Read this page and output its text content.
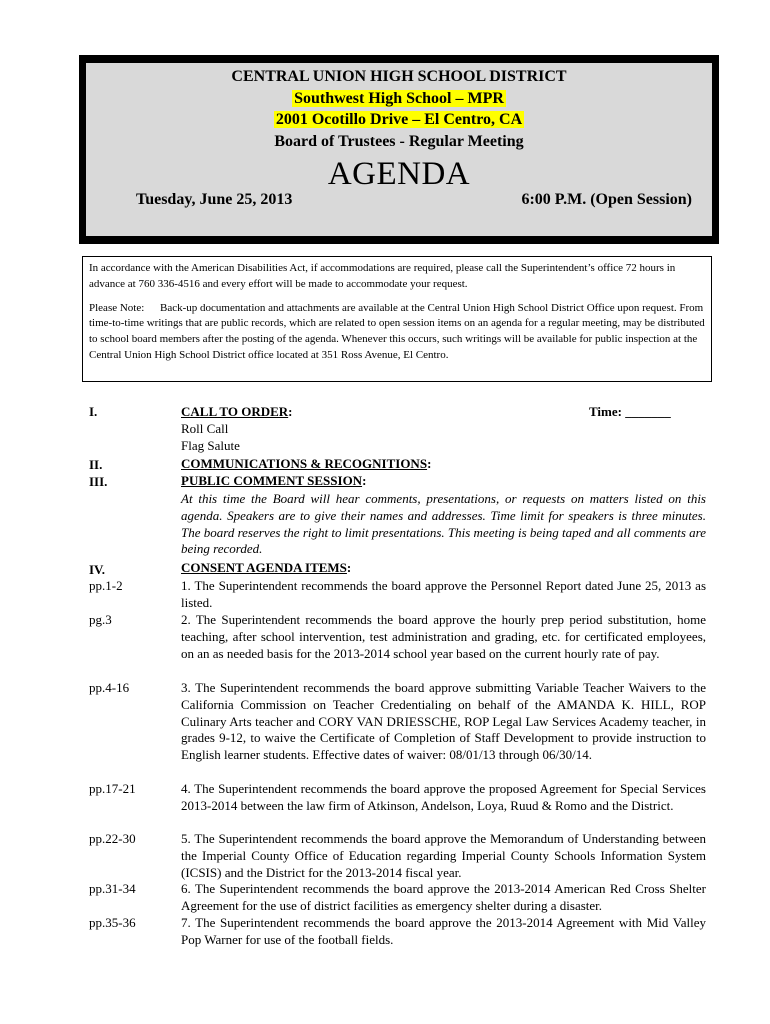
CENTRAL UNION HIGH SCHOOL DISTRICT
Southwest High School – MPR
2001 Ocotillo Drive – El Centro, CA
Board of Trustees - Regular Meeting
AGENDA
Tuesday, June 25, 2013	6:00 P.M. (Open Session)

In accordance with the American Disabilities Act, if accommodations are required, please call the Superintendent’s office 72 hours in advance at 760 336-4516 and every effort will be made to accommodate your request.

Please Note: Back-up documentation and attachments are available at the Central Union High School District Office upon request. From time-to-time writings that are public records, which are related to open session items on an agenda for a regular meeting, may be distributed to school board members after the posting of the agenda. Whenever this occurs, such writings will be available for public inspection at the Central Union High School District office located at 351 Ross Avenue, El Centro.

I.	CALL TO ORDER:	Time: _______
Roll Call
Flag Salute
II.	COMMUNICATIONS & RECOGNITIONS:
III.	PUBLIC COMMENT SESSION:
At this time the Board will hear comments, presentations, or requests on matters listed on this agenda. Speakers are to give their names and addresses. Time limit for speakers is three minutes. The board reserves the right to limit presentations. This meeting is being taped and all comments are being recorded.
IV.	CONSENT AGENDA ITEMS:
pp.1-2	1. The Superintendent recommends the board approve the Personnel Report dated June 25, 2013 as listed.
pg.3	2. The Superintendent recommends the board approve the hourly prep period substitution, home teaching, after school intervention, test administration and grading, etc. for certificated employees, on an as needed basis for the 2013-2014 school year based on the current hourly rate of pay.
pp.4-16	3. The Superintendent recommends the board approve submitting Variable Teacher Waivers to the California Commission on Teacher Credentialing on behalf of the AMANDA K. HILL, ROP Culinary Arts teacher and CORY VAN DRIESSCHE, ROP Legal Law Services Academy teacher, in grades 9-12, to waive the Certificate of Completion of Staff Development to provide instruction to English learner students. Effective dates of waiver: 08/01/13 through 06/30/14.
pp.17-21	4. The Superintendent recommends the board approve the proposed Agreement for Special Services 2013-2014 between the law firm of Atkinson, Andelson, Loya, Ruud & Romo and the District.
pp.22-30	5. The Superintendent recommends the board approve the Memorandum of Understanding between the Imperial County Office of Education regarding Imperial County Schools Information System (ICSIS) and the District for the 2013-2014 fiscal year.
pp.31-34	6. The Superintendent recommends the board approve the 2013-2014 American Red Cross Shelter Agreement for the use of district facilities as emergency shelter during a disaster.
pp.35-36	7. The Superintendent recommends the board approve the 2013-2014 Agreement with Mid Valley Pop Warner for use of the football fields.
